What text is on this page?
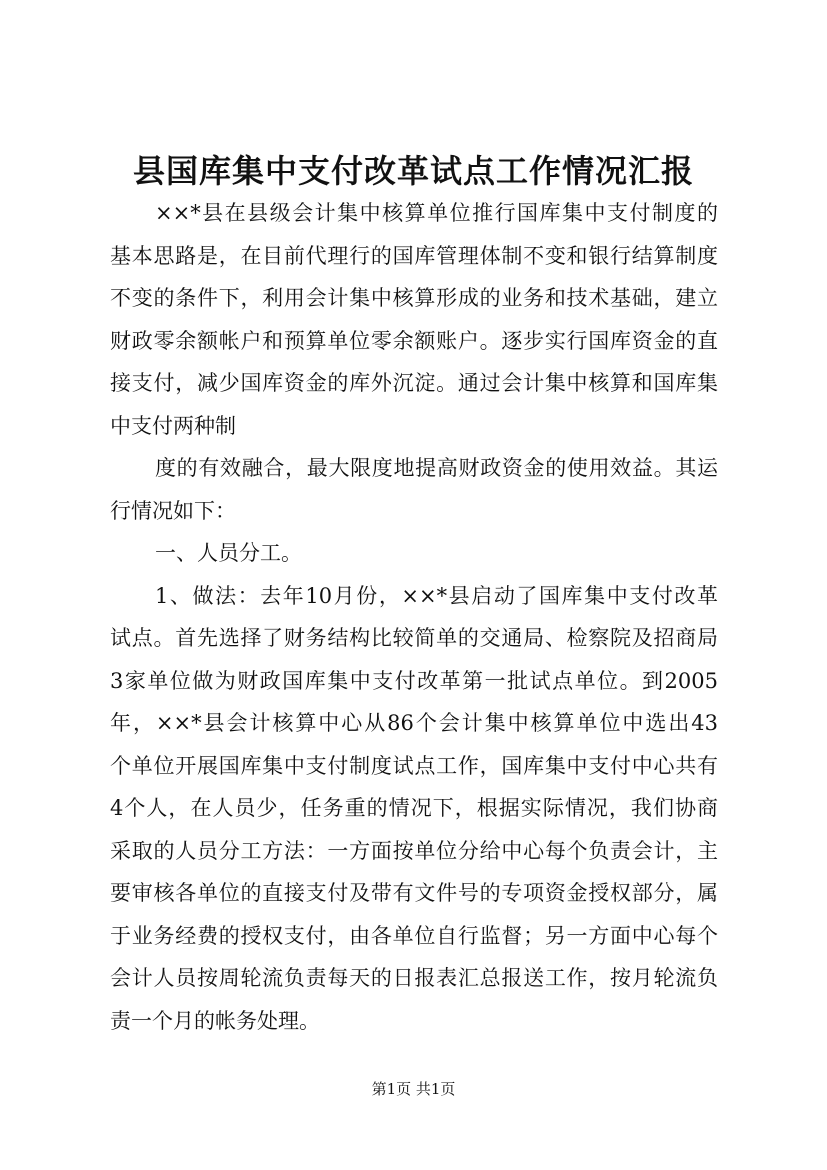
县国库集中支付改革试点工作情况汇报
××*县在县级会计集中核算单位推行国库集中支付制度的
基本思路是，在目前代理行的国库管理体制不变和银行结算制度
不变的条件下，利用会计集中核算形成的业务和技术基础，建立
财政零余额帐户和预算单位零余额账户。逐步实行国库资金的直
接支付，减少国库资金的库外沉淀。通过会计集中核算和国库集
中支付两种制
度的有效融合，最大限度地提高财政资金的使用效益。其运
行情况如下：
一、人员分工。
1、做法：去年10月份，××*县启动了国库集中支付改革
试点。首先选择了财务结构比较简单的交通局、检察院及招商局
3家单位做为财政国库集中支付改革第一批试点单位。到2005
年，××*县会计核算中心从86个会计集中核算单位中选出43
个单位开展国库集中支付制度试点工作，国库集中支付中心共有
4个人，在人员少，任务重的情况下，根据实际情况，我们协商
采取的人员分工方法：一方面按单位分给中心每个负责会计，主
要审核各单位的直接支付及带有文件号的专项资金授权部分，属
于业务经费的授权支付，由各单位自行监督；另一方面中心每个
会计人员按周轮流负责每天的日报表汇总报送工作，按月轮流负
责一个月的帐务处理。
第1页 共1页
